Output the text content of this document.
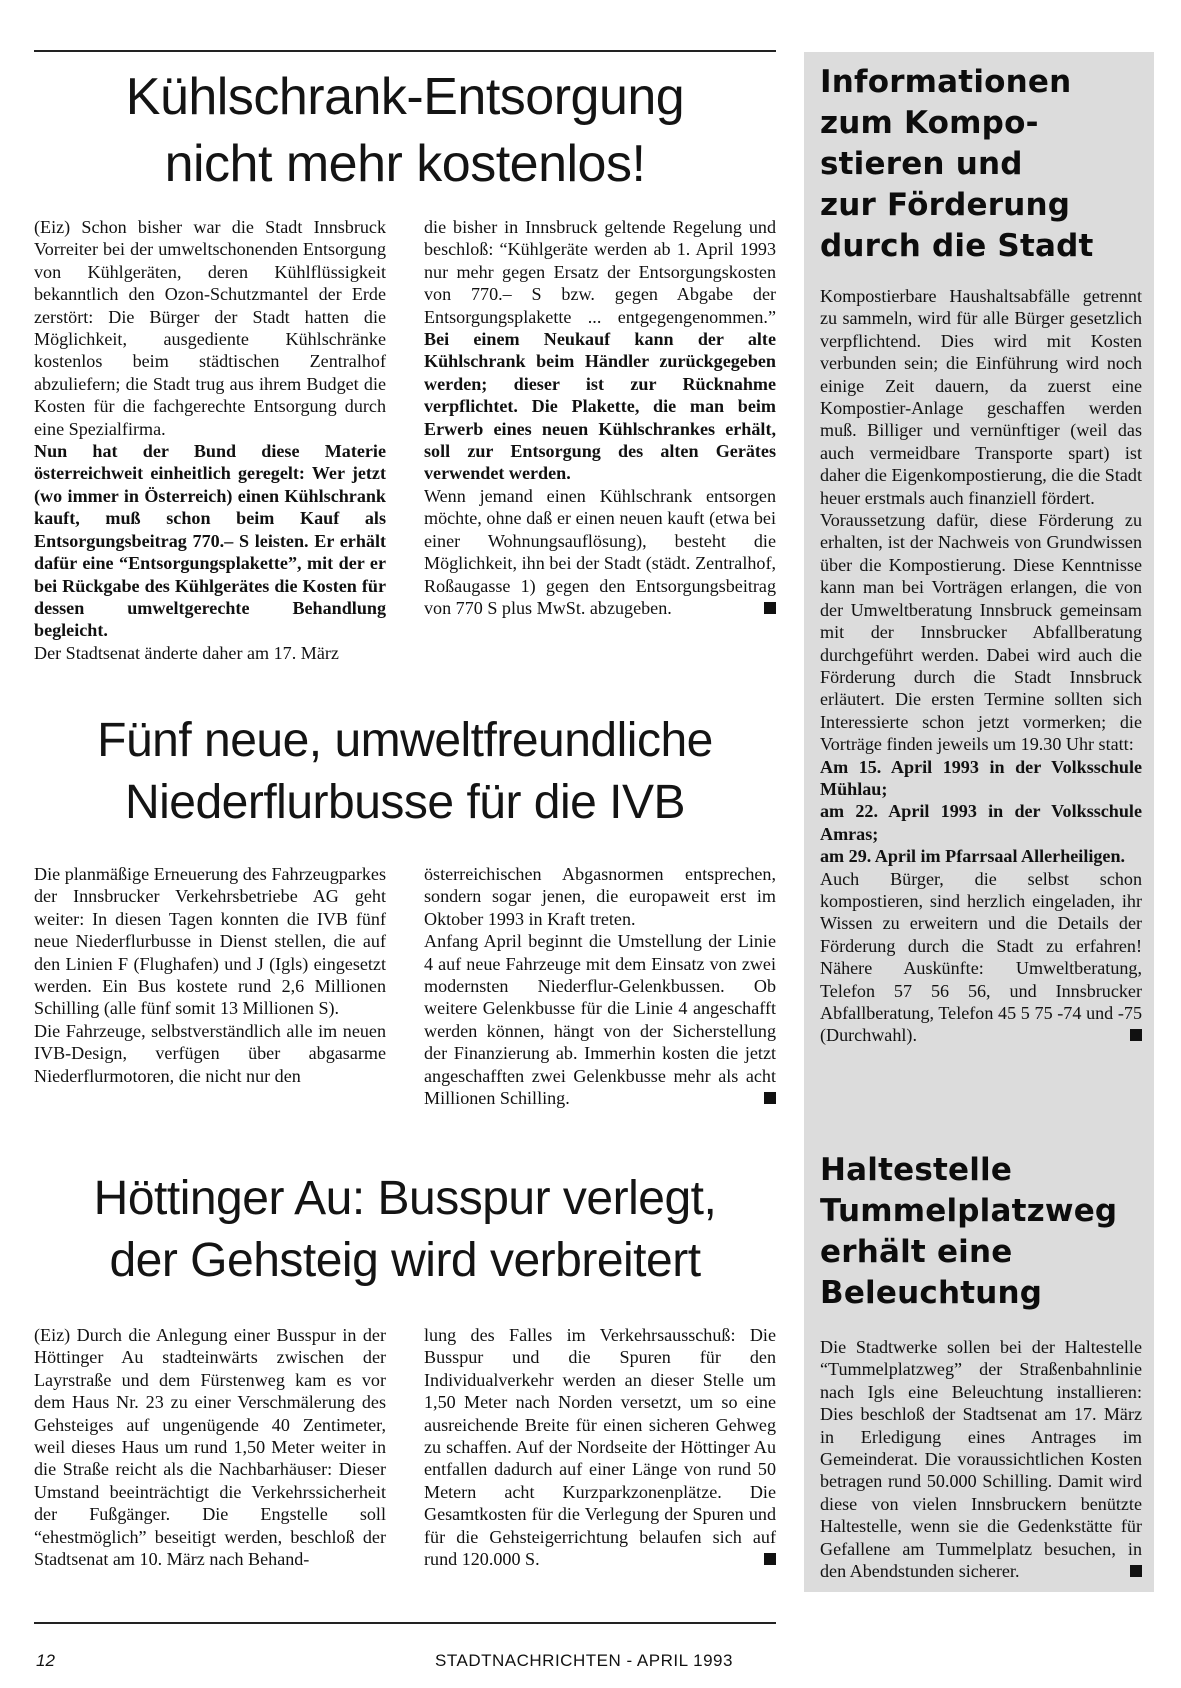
Kühlschrank-Entsorgung
nicht mehr kostenlos!

(Eiz) Schon bisher war die Stadt Innsbruck Vorreiter bei der umweltschonenden Entsorgung von Kühlgeräten, deren Kühlflüssigkeit bekanntlich den Ozon-Schutzmantel der Erde zerstört: Die Bürger der Stadt hatten die Möglichkeit, ausgediente Kühlschränke kostenlos beim städtischen Zentralhof abzuliefern; die Stadt trug aus ihrem Budget die Kosten für die fachgerechte Entsorgung durch eine Spezialfirma.

Nun hat der Bund diese Materie österreichweit einheitlich geregelt: Wer jetzt (wo immer in Österreich) einen Kühlschrank kauft, muß schon beim Kauf als Entsorgungsbeitrag 770.– S leisten. Er erhält dafür eine “Entsorgungsplakette”, mit der er bei Rückgabe des Kühlgerätes die Kosten für dessen umweltgerechte Behandlung begleicht.

Der Stadtsenat änderte daher am 17. März

die bisher in Innsbruck geltende Regelung und beschloß: “Kühlgeräte werden ab 1. April 1993 nur mehr gegen Ersatz der Entsorgungskosten von 770.– S bzw. gegen Abgabe der Entsorgungsplakette ... entgegengenommen.” Bei einem Neukauf kann der alte Kühlschrank beim Händler zurückgegeben werden; dieser ist zur Rücknahme verpflichtet. Die Plakette, die man beim Erwerb eines neuen Kühlschrankes erhält, soll zur Entsorgung des alten Gerätes verwendet werden.

Wenn jemand einen Kühlschrank entsorgen möchte, ohne daß er einen neuen kauft (etwa bei einer Wohnungsauflösung), besteht die Möglichkeit, ihn bei der Stadt (städt. Zentralhof, Roßaugasse 1) gegen den Entsorgungsbeitrag von 770 S plus MwSt. abzugeben.

Fünf neue, umweltfreundliche
Niederflurbusse für die IVB

Die planmäßige Erneuerung des Fahrzeugparkes der Innsbrucker Verkehrsbetriebe AG geht weiter: In diesen Tagen konnten die IVB fünf neue Niederflurbusse in Dienst stellen, die auf den Linien F (Flughafen) und J (Igls) eingesetzt werden. Ein Bus kostete rund 2,6 Millionen Schilling (alle fünf somit 13 Millionen S).

Die Fahrzeuge, selbstverständlich alle im neuen IVB-Design, verfügen über abgasarme Niederflurmotoren, die nicht nur den

österreichischen Abgasnormen entsprechen, sondern sogar jenen, die europaweit erst im Oktober 1993 in Kraft treten.

Anfang April beginnt die Umstellung der Linie 4 auf neue Fahrzeuge mit dem Einsatz von zwei modernsten Niederflur-Gelenkbussen. Ob weitere Gelenkbusse für die Linie 4 angeschafft werden können, hängt von der Sicherstellung der Finanzierung ab. Immerhin kosten die jetzt angeschafften zwei Gelenkbusse mehr als acht Millionen Schilling.

Höttinger Au: Busspur verlegt,
der Gehsteig wird verbreitert

(Eiz) Durch die Anlegung einer Busspur in der Höttinger Au stadteinwärts zwischen der Layrstraße und dem Fürstenweg kam es vor dem Haus Nr. 23 zu einer Verschmälerung des Gehsteiges auf ungenügende 40 Zentimeter, weil dieses Haus um rund 1,50 Meter weiter in die Straße reicht als die Nachbarhäuser: Dieser Umstand beeinträchtigt die Verkehrssicherheit der Fußgänger. Die Engstelle soll “ehestmöglich” beseitigt werden, beschloß der Stadtsenat am 10. März nach Behand-

lung des Falles im Verkehrsausschuß: Die Busspur und die Spuren für den Individualverkehr werden an dieser Stelle um 1,50 Meter nach Norden versetzt, um so eine ausreichende Breite für einen sicheren Gehweg zu schaffen. Auf der Nordseite der Höttinger Au entfallen dadurch auf einer Länge von rund 50 Metern acht Kurzparkzonenplätze. Die Gesamtkosten für die Verlegung der Spuren und für die Gehsteigerrichtung belaufen sich auf rund 120.000 S.

Informationen
zum Kompo-
stieren und
zur Förderung
durch die Stadt

Kompostierbare Haushaltsabfälle getrennt zu sammeln, wird für alle Bürger gesetzlich verpflichtend. Dies wird mit Kosten verbunden sein; die Einführung wird noch einige Zeit dauern, da zuerst eine Kompostier-Anlage geschaffen werden muß. Billiger und vernünftiger (weil das auch vermeidbare Transporte spart) ist daher die Eigenkompostierung, die die Stadt heuer erstmals auch finanziell fördert.

Voraussetzung dafür, diese Förderung zu erhalten, ist der Nachweis von Grundwissen über die Kompostierung. Diese Kenntnisse kann man bei Vorträgen erlangen, die von der Umweltberatung Innsbruck gemeinsam mit der Innsbrucker Abfallberatung durchgeführt werden. Dabei wird auch die Förderung durch die Stadt Innsbruck erläutert. Die ersten Termine sollten sich Interessierte schon jetzt vormerken; die Vorträge finden jeweils um 19.30 Uhr statt:

Am 15. April 1993 in der Volksschule Mühlau;

am 22. April 1993 in der Volksschule Amras;

am 29. April im Pfarrsaal Allerheiligen.

Auch Bürger, die selbst schon kompostieren, sind herzlich eingeladen, ihr Wissen zu erweitern und die Details der Förderung durch die Stadt zu erfahren! Nähere Auskünfte: Umweltberatung, Telefon 57 56 56, und Innsbrucker Abfallberatung, Telefon 45 5 75 -74 und -75 (Durchwahl).

Haltestelle
Tummelplatzweg
erhält eine
Beleuchtung

Die Stadtwerke sollen bei der Haltestelle “Tummelplatzweg” der Straßenbahnlinie nach Igls eine Beleuchtung installieren: Dies beschloß der Stadtsenat am 17. März in Erledigung eines Antrages im Gemeinderat. Die voraussichtlichen Kosten betragen rund 50.000 Schilling. Damit wird diese von vielen Innsbruckern benützte Haltestelle, wenn sie die Gedenkstätte für Gefallene am Tummelplatz besuchen, in den Abendstunden sicherer.

12	STADTNACHRICHTEN - APRIL 1993
